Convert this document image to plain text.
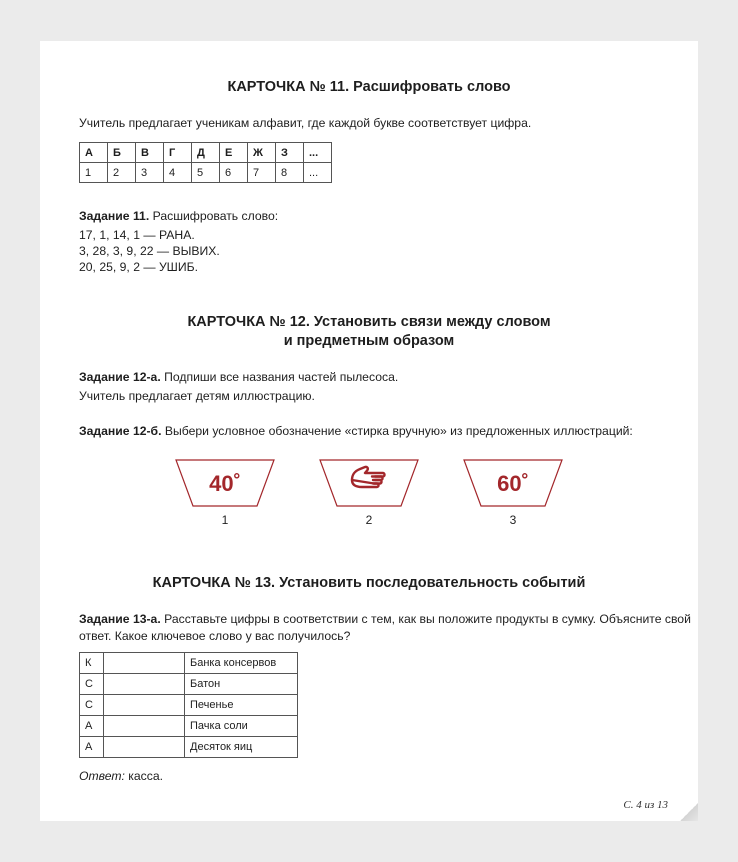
КАРТОЧКА № 11. Расшифровать слово
Учитель предлагает ученикам алфавит, где каждой букве соответствует цифра.
А	Б	В	Г	Д	Е	Ж	З	...
1	2	3	4	5	6	7	8	...
Задание 11. Расшифровать слово:
17, 1, 14, 1 — РАНА.
3, 28, 3, 9, 22 — ВЫВИХ.
20, 25, 9, 2 — УШИБ.
КАРТОЧКА № 12. Установить связи между словом
и предметным образом
Задание 12-а. Подпиши все названия частей пылесоса.
Учитель предлагает детям иллюстрацию.
Задание 12-б. Выбери условное обозначение «стирка вручную» из предложенных иллюстраций:
40˚
1	2
60˚
3
КАРТОЧКА № 13. Установить последовательность событий
Задание 13-а. Расставьте цифры в соответствии с тем, как вы положите продукты в сумку. Объясните свой
ответ. Какое ключевое слово у вас получилось?
К		Банка консервов
С		Батон
С		Печенье
А		Пачка соли
А		Десяток яиц
Ответ: касса.
С. 4 из 13
